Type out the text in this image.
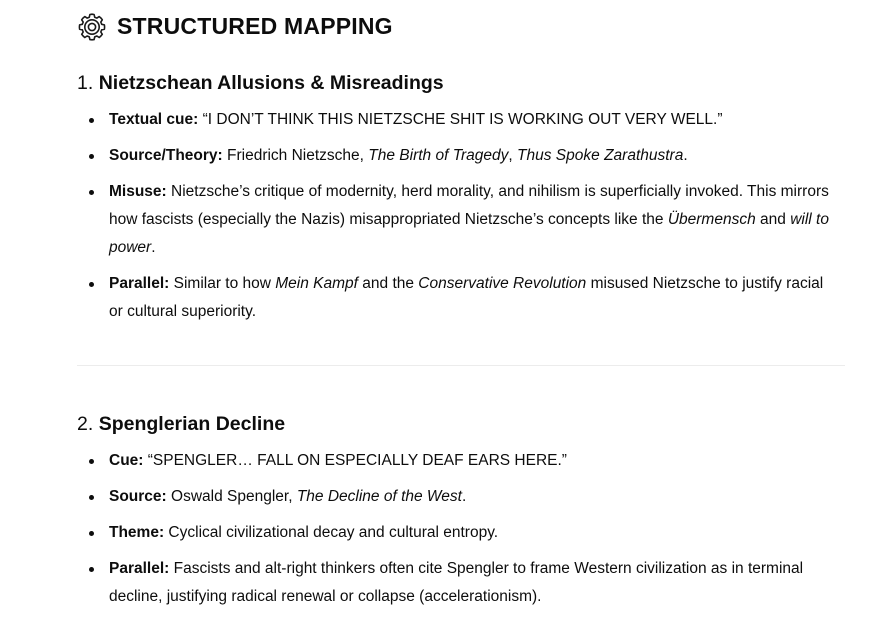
STRUCTURED MAPPING
1. Nietzschean Allusions & Misreadings
Textual cue: “I DON’T THINK THIS NIETZSCHE SHIT IS WORKING OUT VERY WELL.”
Source/Theory: Friedrich Nietzsche, The Birth of Tragedy, Thus Spoke Zarathustra.
Misuse: Nietzsche’s critique of modernity, herd morality, and nihilism is superficially invoked. This mirrors how fascists (especially the Nazis) misappropriated Nietzsche’s concepts like the Übermensch and will to power.
Parallel: Similar to how Mein Kampf and the Conservative Revolution misused Nietzsche to justify racial or cultural superiority.
2. Spenglerian Decline
Cue: “SPENGLER… FALL ON ESPECIALLY DEAF EARS HERE.”
Source: Oswald Spengler, The Decline of the West.
Theme: Cyclical civilizational decay and cultural entropy.
Parallel: Fascists and alt-right thinkers often cite Spengler to frame Western civilization as in terminal decline, justifying radical renewal or collapse (accelerationism).
